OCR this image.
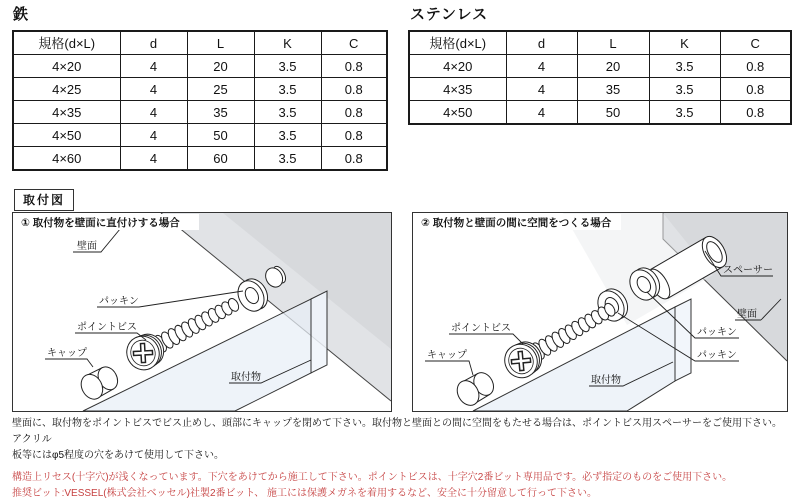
鉄	ステンレス
規格(d×L)	d	L	K	C
4×20	4	20	3.5	0.8
4×25	4	25	3.5	0.8
4×35	4	35	3.5	0.8
4×50	4	50	3.5	0.8
4×60	4	60	3.5	0.8
規格(d×L)	d	L	K	C
4×20	4	20	3.5	0.8
4×35	4	35	3.5	0.8
4×50	4	50	3.5	0.8
取付図
① 取付物を壁面に直付けする場合
壁面
パッキン
ポイントビス
キャップ
取付物
② 取付物と壁面の間に空間をつくる場合
スペーサー
壁面
パッキン
パッキン
ポイントビス
キャップ
取付物

壁面に、取付物をポイントビスでビス止めし、頭部にキャップを閉めて下さい。取付物と壁面との間に空間をもたせる場合は、ポイントビス用スペーサーをご使用下さい。アクリル

板等にはφ5程度の穴をあけて使用して下さい。

構造上リセス(十字穴)が浅くなっています。下穴をあけてから施工して下さい。ポイントビスは、十字穴2番ビット専用品です。必ず指定のものをご使用下さい。

推奨ビット:VESSEL(株式会社ベッセル)社製2番ビット、 施工には保護メガネを着用するなど、安全に十分留意して行って下さい。
